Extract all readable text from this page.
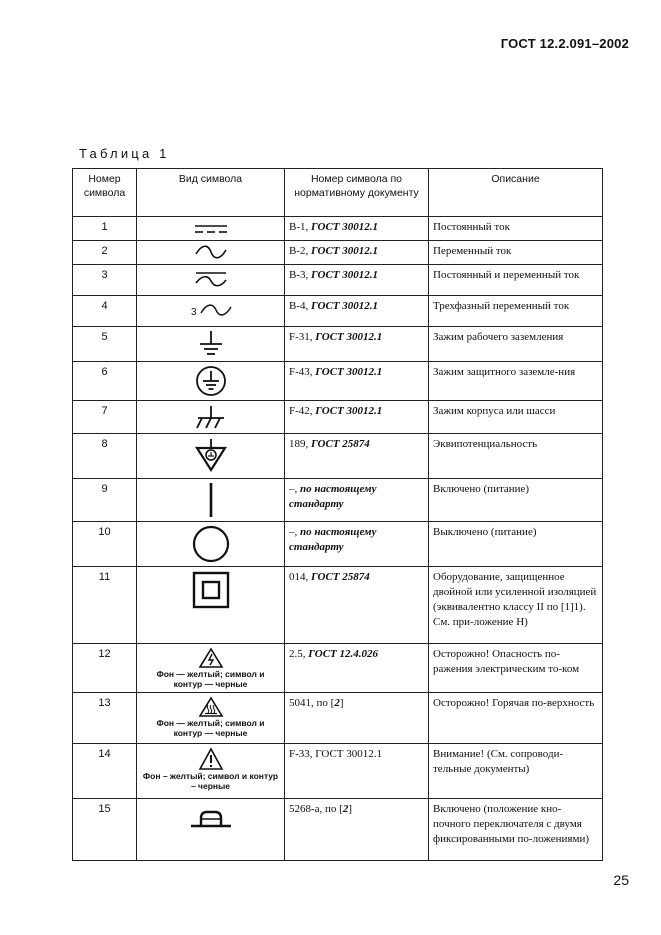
ГОСТ 12.2.091–2002
Таблица 1
Номер символа	Вид символа	Номер символа по нормативному документу	Описание
1		В-1, ГОСТ 30012.1	Постоянный ток
2		В-2, ГОСТ 30012.1	Переменный ток
3		В-3, ГОСТ 30012.1	Постоянный и переменный ток
4	3	В-4, ГОСТ 30012.1	Трехфазный переменный ток
5		F-31, ГОСТ 30012.1	Зажим рабочего заземления
6		F-43, ГОСТ 30012.1	Зажим защитного заземле-ния
7		F-42, ГОСТ 30012.1	Зажим корпуса или шасси
8		189, ГОСТ 25874	Эквипотенциальность
9		–, по настоящему стандарту	Включено (питание)
10		–, по настоящему стандарту	Выключено (питание)
11		014, ГОСТ 25874	Оборудование, защищенное двойной или усиленной изоляцией (эквивалентно классу II по [1]1). См. при-ложение Н)
12	Фон — желтый; символ и контур — черные	2.5, ГОСТ 12.4.026	Осторожно! Опасность по-ражения электрическим то-ком
13	Фон — желтый; символ и контур — черные	5041, по [2]	Осторожно! Горячая по-верхность
14	Фон – желтый; символ и контур – черные	F-33, ГОСТ 30012.1	Внимание! (См. сопроводи-тельные документы)
15		5268-a, по [2]	Включено (положение кно-почного переключателя с двумя фиксированными по-ложениями)
25
